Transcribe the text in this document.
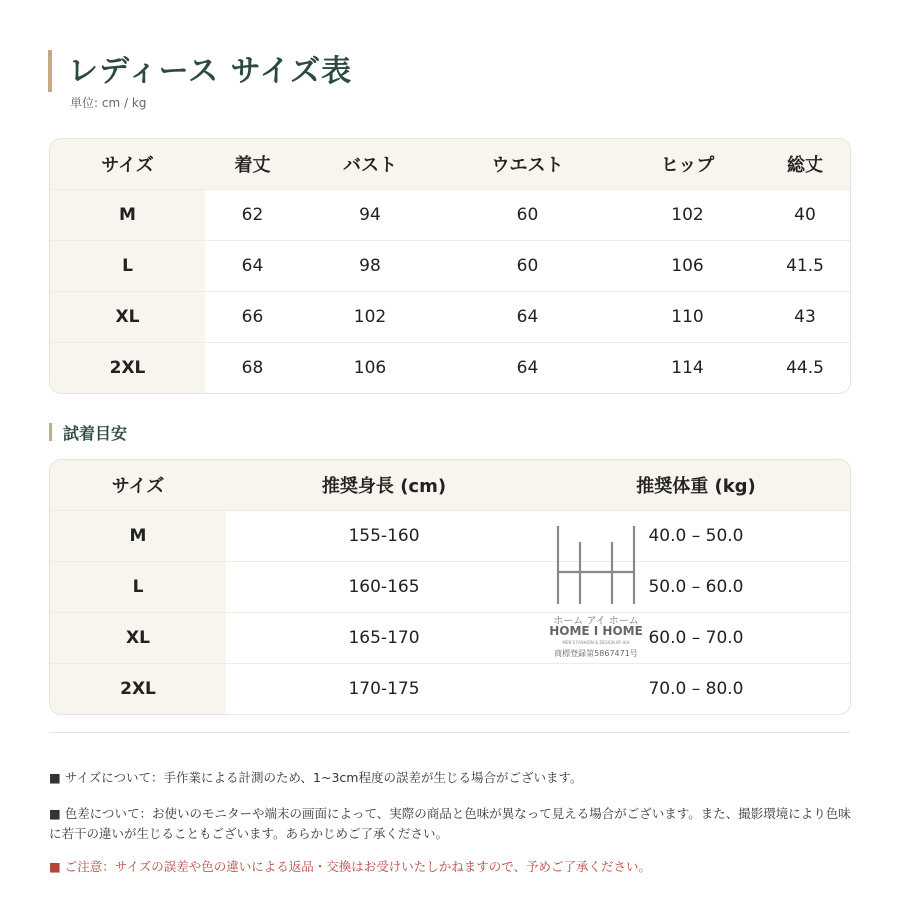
レディース サイズ表
単位: cm / kg
サイズ	着丈	バスト	ウエスト	ヒップ	総丈
M	62	94	60	102	40
L	64	98	60	106	41.5
XL	66	102	64	110	43
2XL	68	106	64	114	44.5
試着目安
サイズ	推奨身長 (cm)	推奨体重 (kg)
M	155-160	40.0 – 50.0
L	160-165	50.0 – 60.0
XL	165-170	60.0 – 70.0
2XL	170-175	70.0 – 80.0
ホーム アイ ホーム
HOME I HOME
MEN'S FASHION & DESIGN BY HIH
商標登録第5867471号
■ サイズについて：手作業による計測のため、1~3cm程度の誤差が生じる場合がございます。
■ 色差について：お使いのモニターや端末の画面によって、実際の商品と色味が異なって見える場合がございます。また、撮影環境により色味に若干の違いが生じることもございます。あらかじめご了承ください。
■ ご注意：サイズの誤差や色の違いによる返品・交換はお受けいたしかねますので、予めご了承ください。
